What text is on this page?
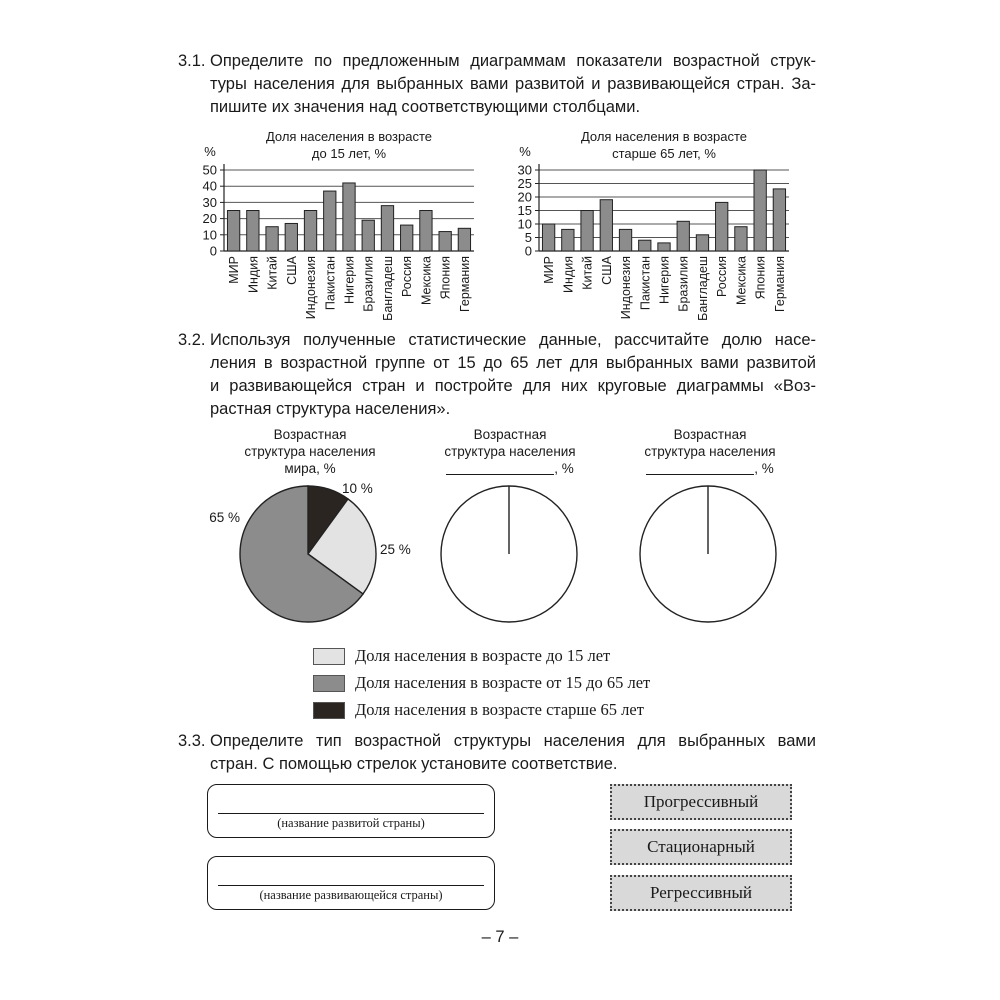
3.1. Определите по предложенным диаграммам показатели возрастной струк-
туры населения для выбранных вами развитой и развивающейся стран. За-
пишите их значения над соответствующими столбцами.
Доля населения в возрасте
до 15 лет, %
%
0
10
20
30
40
50
МИР Индия Китай США Индонезия Пакистан Нигерия Бразилия Бангладеш Россия Мексика Япония Германия
Доля населения в возрасте
старше 65 лет, %
%
0
5
10
15
20
25
30
МИР Индия Китай США Индонезия Пакистан Нигерия Бразилия Бангладеш Россия Мексика Япония Германия
3.2. Используя полученные статистические данные, рассчитайте долю насе-
ления в возрастной группе от 15 до 65 лет для выбранных вами развитой
и развивающейся стран и постройте для них круговые диаграммы «Воз-
растная структура населения».
Возрастная
структура населения
мира, %
Возрастная
структура населения
, %
Возрастная
структура населения
, %
10 %
25 %
65 %
Доля населения в возрасте до 15 лет
Доля населения в возрасте от 15 до 65 лет
Доля населения в возрасте старше 65 лет
3.3. Определите тип возрастной структуры населения для выбранных вами
стран. С помощью стрелок установите соответствие.
(название развитой страны)
(название развивающейся страны)
Прогрессивный
Стационарный
Регрессивный
– 7 –
